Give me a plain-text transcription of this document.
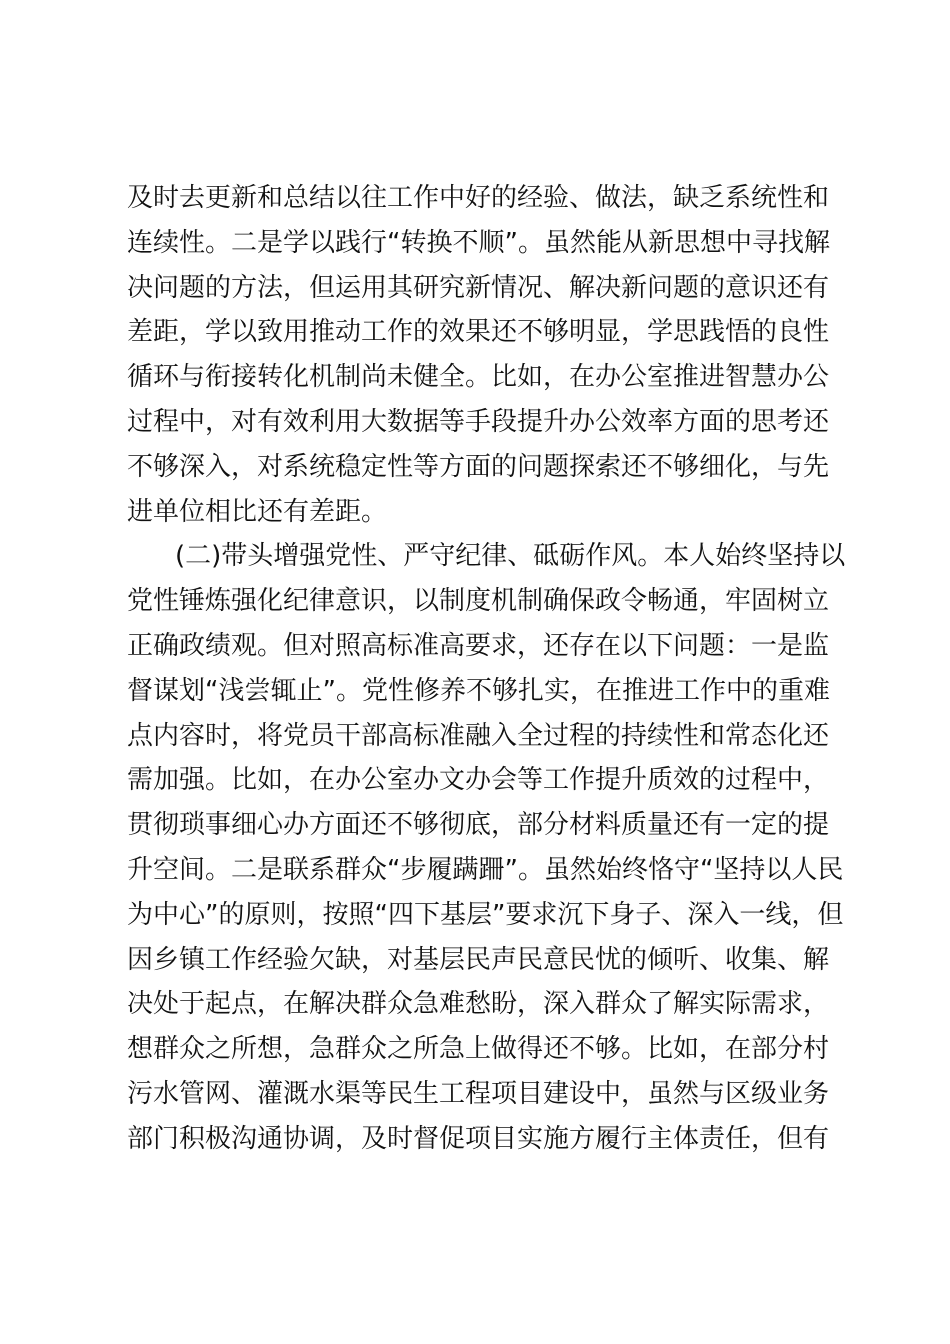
及时去更新和总结以往工作中好的经验、做法，缺乏系统性和
连续性。二是学以践行“转换不顺”。虽然能从新思想中寻找解
决问题的方法，但运用其研究新情况、解决新问题的意识还有
差距，学以致用推动工作的效果还不够明显，学思践悟的良性
循环与衔接转化机制尚未健全。比如，在办公室推进智慧办公
过程中，对有效利用大数据等手段提升办公效率方面的思考还
不够深入，对系统稳定性等方面的问题探索还不够细化，与先
进单位相比还有差距。
(二)带头增强党性、严守纪律、砥砺作风。本人始终坚持以
党性锤炼强化纪律意识，以制度机制确保政令畅通，牢固树立
正确政绩观。但对照高标准高要求，还存在以下问题：一是监
督谋划“浅尝辄止”。党性修养不够扎实，在推进工作中的重难
点内容时，将党员干部高标准融入全过程的持续性和常态化还
需加强。比如，在办公室办文办会等工作提升质效的过程中，
贯彻琐事细心办方面还不够彻底，部分材料质量还有一定的提
升空间。二是联系群众“步履蹒跚”。虽然始终恪守“坚持以人民
为中心”的原则，按照“四下基层”要求沉下身子、深入一线，但
因乡镇工作经验欠缺，对基层民声民意民忧的倾听、收集、解
决处于起点，在解决群众急难愁盼，深入群众了解实际需求，
想群众之所想，急群众之所急上做得还不够。比如，在部分村
污水管网、灌溉水渠等民生工程项目建设中，虽然与区级业务
部门积极沟通协调，及时督促项目实施方履行主体责任，但有
